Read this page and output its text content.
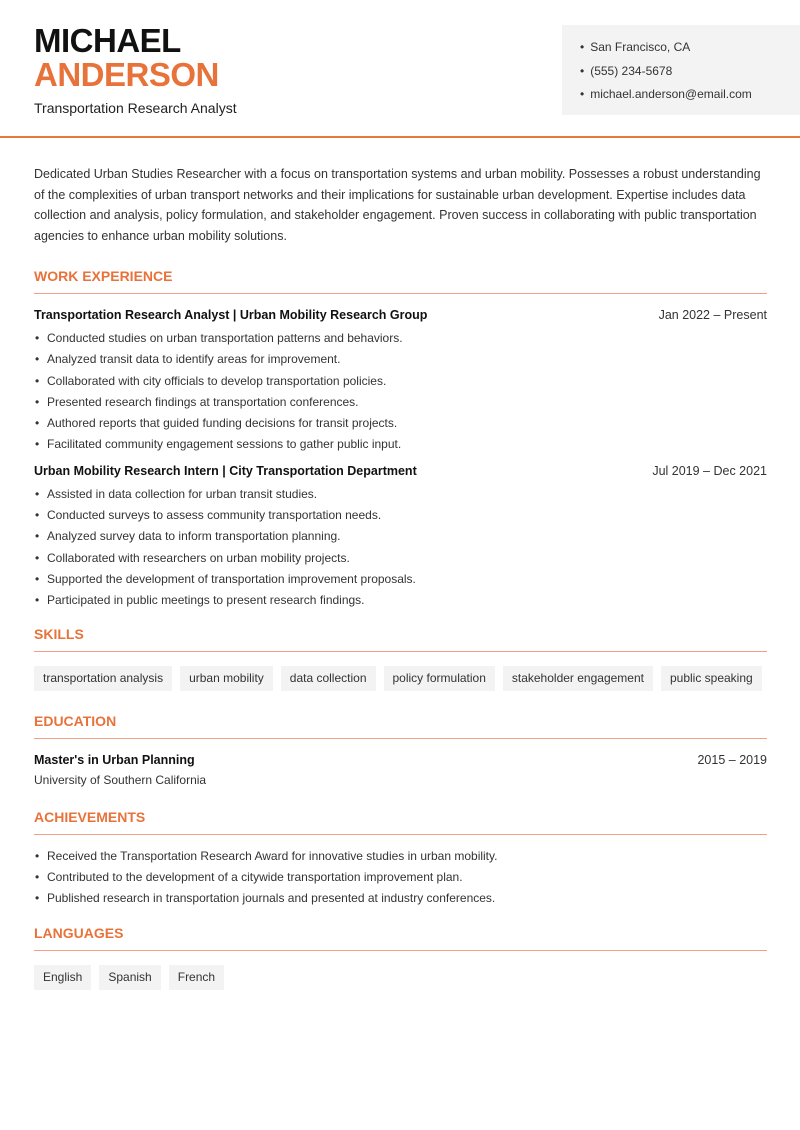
MICHAEL
ANDERSON
Transportation Research Analyst
• San Francisco, CA
• (555) 234-5678
• michael.anderson@email.com

Dedicated Urban Studies Researcher with a focus on transportation systems and urban mobility. Possesses a robust understanding of the complexities of urban transport networks and their implications for sustainable urban development. Expertise includes data collection and analysis, policy formulation, and stakeholder engagement. Proven success in collaborating with public transportation agencies to enhance urban mobility solutions.

WORK EXPERIENCE
Transportation Research Analyst | Urban Mobility Research Group	Jan 2022 – Present
• Conducted studies on urban transportation patterns and behaviors.
• Analyzed transit data to identify areas for improvement.
• Collaborated with city officials to develop transportation policies.
• Presented research findings at transportation conferences.
• Authored reports that guided funding decisions for transit projects.
• Facilitated community engagement sessions to gather public input.
Urban Mobility Research Intern | City Transportation Department	Jul 2019 – Dec 2021
• Assisted in data collection for urban transit studies.
• Conducted surveys to assess community transportation needs.
• Analyzed survey data to inform transportation planning.
• Collaborated with researchers on urban mobility projects.
• Supported the development of transportation improvement proposals.
• Participated in public meetings to present research findings.
SKILLS
transportation analysis	urban mobility	data collection	policy formulation	stakeholder engagement	public speaking
EDUCATION
Master's in Urban Planning	2015 – 2019
University of Southern California
ACHIEVEMENTS
• Received the Transportation Research Award for innovative studies in urban mobility.
• Contributed to the development of a citywide transportation improvement plan.
• Published research in transportation journals and presented at industry conferences.
LANGUAGES
English	Spanish	French
